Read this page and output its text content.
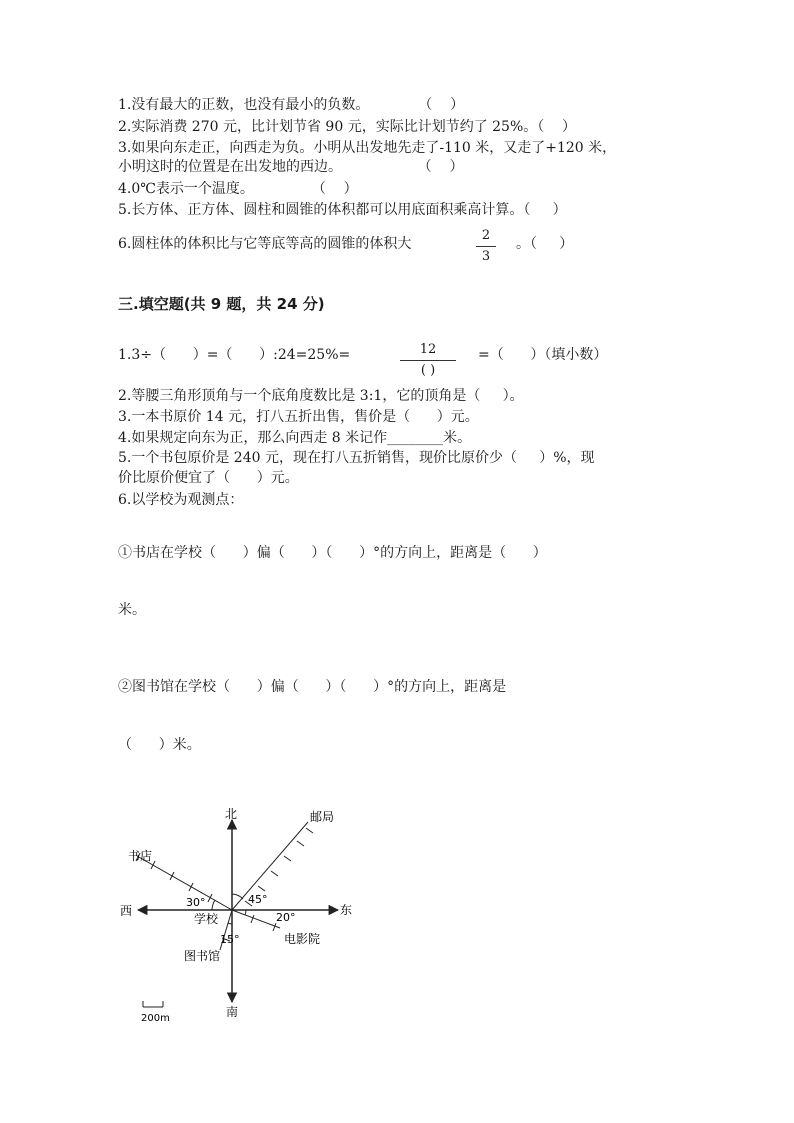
1.没有最大的正数，也没有最小的负数。           （    ）
2.实际消费 270 元，比计划节省 90 元，实际比计划节约了 25%。（    ）
3.如果向东走正，向西走为负。小明从出发地先走了-110 米，又走了+120 米，
小明这时的位置是在出发地的西边。                 （    ）
4.0℃表示一个温度。             （    ）
5.长方体、正方体、圆柱和圆锥的体积都可以用底面积乘高计算。（     ）
6.圆柱体的体积比与它等底等高的圆锥的体积大
2
3
。（     ）
三.填空题(共 9 题，共 24 分)
1.3÷（      ）=（      ）:24=25%=	12
( )
=（      ）（填小数）
2.等腰三角形顶角与一个底角度数比是 3:1，它的顶角是（     ）。
3.一本书原价 14 元，打八五折出售，售价是（      ）元。
4.如果规定向东为正，那么向西走 8 米记作________米。
5.一个书包原价是 240 元，现在打八五折销售，现价比原价少（     ）%，现
价比原价便宜了（      ）元。
6.以学校为观测点：
①书店在学校（      ）偏（      ）（      ）°的方向上，距离是（      ）
米。
②图书馆在学校（      ）偏（      ）（      ）°的方向上，距离是
（      ）米。
北
南
东
西
书店
邮局
学校
电影院
图书馆
30°	45°
20°
15°
200m
